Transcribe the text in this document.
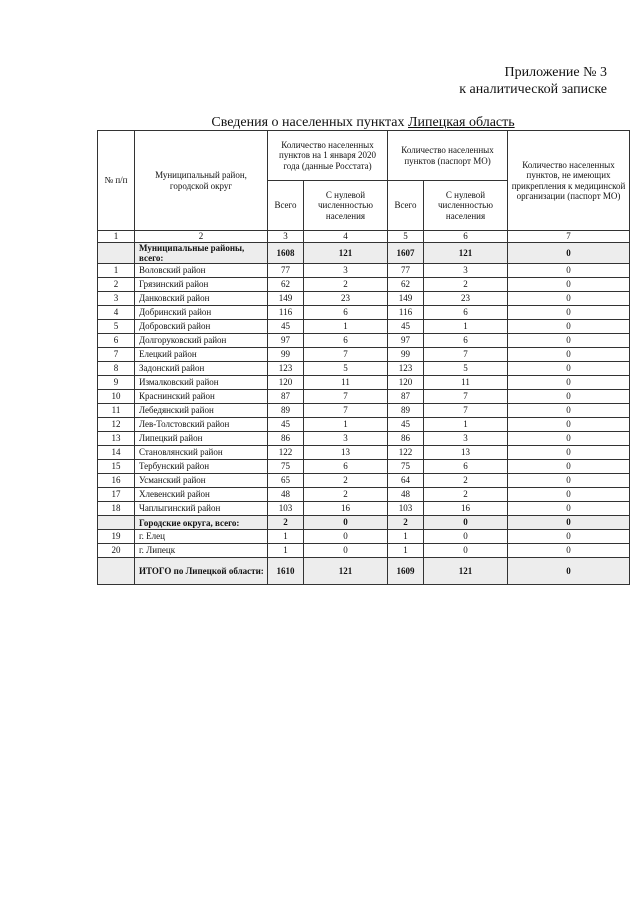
Приложение № 3
к аналитической записке
Сведения о населенных пунктах Липецкая область
№ п/п	Муниципальный район, городской округ	Количество населенных пунктов на 1 января 2020 года (данные Росстата)		Количество населенных пунктов (паспорт МО)		Количество населенных пунктов, не имеющих прикрепления к медицинской организации (паспорт МО)
		Всего	С нулевой численностью населения	Всего	С нулевой численностью населения	
1	2	3	4	5	6	7
	Муниципальные районы, всего:	1608	121	1607	121	0
1	Воловский район	77	3	77	3	0
2	Грязинский район	62	2	62	2	0
3	Данковский район	149	23	149	23	0
4	Добринский район	116	6	116	6	0
5	Добровский район	45	1	45	1	0
6	Долгоруковский район	97	6	97	6	0
7	Елецкий район	99	7	99	7	0
8	Задонский район	123	5	123	5	0
9	Измалковский район	120	11	120	11	0
10	Краснинский район	87	7	87	7	0
11	Лебедянский район	89	7	89	7	0
12	Лев-Толстовский район	45	1	45	1	0
13	Липецкий район	86	3	86	3	0
14	Становлянский район	122	13	122	13	0
15	Тербунский район	75	6	75	6	0
16	Усманский район	65	2	64	2	0
17	Хлевенский район	48	2	48	2	0
18	Чаплыгинский район	103	16	103	16	0
	Городские округа, всего:	2	0	2	0	0
19	г. Елец	1	0	1	0	0
20	г. Липецк	1	0	1	0	0
	ИТОГО по Липецкой области:	1610	121	1609	121	0
